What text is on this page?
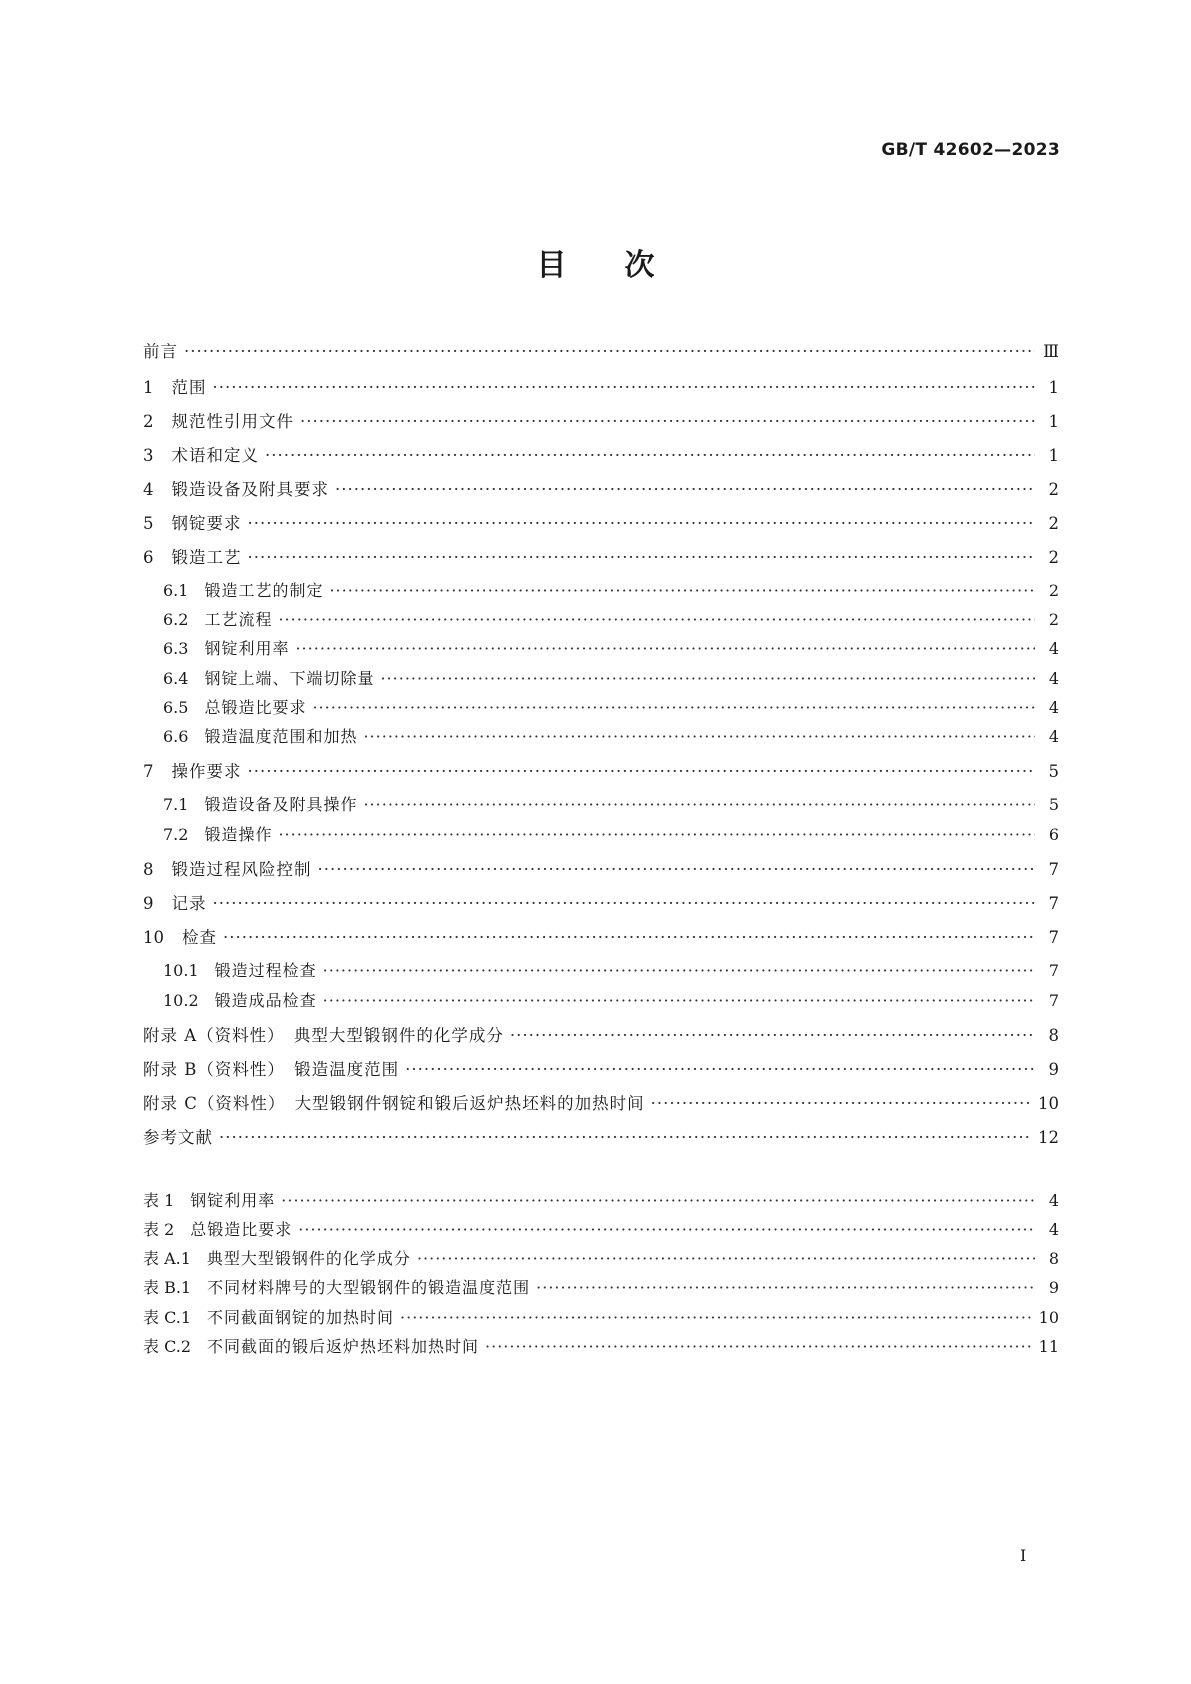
GB/T 42602—2023
目次
前言 ·····	Ⅲ
1 范围 ·····	1
2 规范性引用文件 ·····	1
3 术语和定义 ·····	1
4 锻造设备及附具要求 ·····	2
5 钢锭要求 ·····	2
6 锻造工艺 ·····	2
6.1 锻造工艺的制定 ·····	2
6.2 工艺流程 ·····	2
6.3 钢锭利用率 ·····	4
6.4 钢锭上端、下端切除量 ·····	4
6.5 总锻造比要求 ·····	4
6.6 锻造温度范围和加热 ·····	4
7 操作要求 ·····	5
7.1 锻造设备及附具操作 ·····	5
7.2 锻造操作 ·····	6
8 锻造过程风险控制 ·····	7
9 记录 ·····	7
10 检查 ·····	7
10.1 锻造过程检查 ·····	7
10.2 锻造成品检查 ·····	7
附录 A（资料性）　典型大型锻钢件的化学成分 ·····	8
附录 B（资料性）　锻造温度范围 ·····	9
附录 C（资料性）　大型锻钢件钢锭和锻后返炉热坯料的加热时间 ·····	10
参考文献 ·····	12
表 1 钢锭利用率 ·····	4
表 2 总锻造比要求 ·····	4
表 A.1 典型大型锻钢件的化学成分 ·····	8
表 B.1 不同材料牌号的大型锻钢件的锻造温度范围 ·····	9
表 C.1 不同截面钢锭的加热时间 ·····	10
表 C.2 不同截面的锻后返炉热坯料加热时间 ·····	11
Ⅰ
